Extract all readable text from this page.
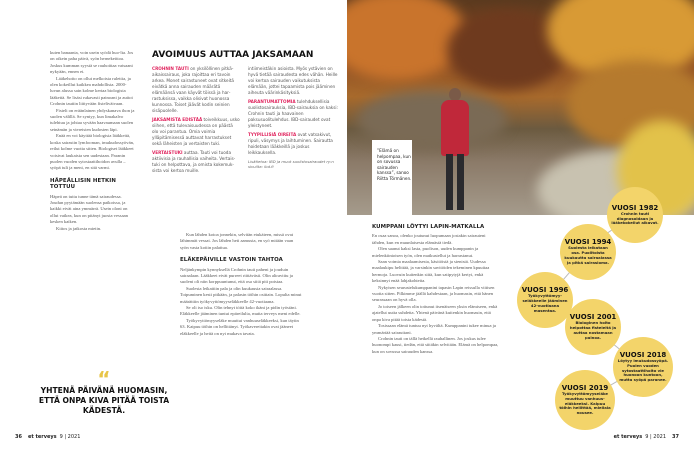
kuten banaania, voin usein syödä huo-lta. Jos on oikein paha päivä, syön hernekeittoa. Joskus kumman syystä se rauhoittaa vatsaani nykyään, ennen ei.

Lääkehoito on ollut melkoista rulettia, ja olen kokeillut kaikkea mahdollista. 2000-luvun alussa sain kolme kertaa biologista lääkettä. Se lisäsi rukavasti painoani ja auttoi Crohnin tautiin liittyvään fisteliväivaan.

Fisteli on eräänlainen yhdyskanava ihon ja suolen välillä. Se syntyy, kun limakalvo tulehtuu ja johtaa syvään haavaumaan suolen seinämän ja viereisten kudosten läpi.

Enää en voi käyttää biologisia lääkkeitä, koska sairastin lymfooman, imukudossyövän, reilut kolme vuotta sitten. Biologiset lääkkeet voisivat laukaista sen uudestaan. Paranin puolen vuoden sytostaattihoidon avulla – syöpä tuli ja meni, en sitä varmi.

HÄPEÄLLISIN HETKIN TOTTUU

Häpeä on tuttu tunne tämä sairaudessa. Joudun pyytämään suolensa paikoissa, ja kaikki eivät aina ymmärrä. Usein oloni on ollut vaikea, kun on pitänyt juosta vessaan kesken kaiken.

Kiitos ja jatkosta mietin.

AVOIMUUS AUTTAA JAKSAMAAN

CROHNIN TAUTI on yksilöllinen pitkäaikaissairaus, joka rajoittaa eri tavoin arkea. Monet sairastuneet ovat sitkeitä eivätkä anna sairauden määrätä elämäänsä vaan käyvät töissä ja harrastuksissa, vaikka olisivat huonossa kunnossa. Toiset jäävät kodin seinien sisäpuolelle.

JAKSAMISTA EDISTÄÄ toiveikkuus, usko siihen, että tulevaisuudessa on päästä olo voi parantua. Omia voimia ylläpitämisessä auttavat harrastukset sekä läheisten ja vertaisten tuki.

VERTAISTUKI auttaa. Tauti voi tuoda aktiivisia ja rauhallisia vaiheita. Vertaistuki on helpottava, ja omista kokemuksista voi kertoa muille.

intiimeistäkin asioista. Myös ystävien on hyvä tietää sairaudesta edes vähän. Heille voi kertoa sairauden vaikutuksista elämään, jottei tapaamista pois jääminen aiheuta väärinkäsityksiä.

PARANTUMATTOMIA tulehduksellisia suolistosairauksia, IBD-sairauksia on kaksi: Crohnin tauti ja haavainen paksusuolitulehdus. IBD-sairaudet ovat yleistyneet.

TYYPILLISIÄ OIREITA ovat vatsakivut, ripuli, väsymys ja laihtuminen. Sairautta hoidetaan lääkkeillä ja joskus leikkauksella.

Lisätietoa: IBD ja muut suolistosairaudet ry:n sivuilta: ibd.fi

Kun lähden kotoa jonnekin, selvitän etukäteen, missä ovat lähimmät vessat. Jos lähden heti aamusta, en syö mitään vaan syön vasta kotiin palattua.

ELÄKEPÄIVILLE VASTOIN TAHTOA

Neljänkympin kynnyksellä Crohnin tauti paheni ja jouduin sairaalaan. Lääkkeet eivät purreet riittävästi. Olin aliravittu ja suoleni oli niin korppuuntunut, että osa siitä piti poistaa.

Suolesta leikattiin pala ja olin kuukausia sairaalassa. Toipuminen kesti pitkään, ja palasin töihin osittain. Lopulta minut määrättiin työkyvyttömyyseläkkeelle 42-vuotiaana.

Se oli iso isku. Olin tehnyt töitä koko ikäni ja pidin työstäni. Eläkkeelle jääminen tuntui epäreilulta, mutta terveys meni edelle.

Työkyvyttömyyseläke muuttui vanhuuseläkkeeksi, kun täytin 63. Kaipuu töihin on hellittänyt. Työkavereitakin ovat jääneet eläkkeelle ja heitä on nyt mukava tavata.

“
YHTENÄ PÄIVÄNÄ HUOMASIN, ETTÄ ONPA KIVA PITÄÄ TOISTA KÄDESTÄ.
36 et terveys 9 | 2021

”Elämä on helpompaa, kun on sovussa sairauden kanssa”, sanoo Riitta Törmänen.

KUMPPANI LÖYTYI LAPIN-MATKALLA

En osaa sanoa, olenko joutunut luopumaan jostakin sairauteni tähden, kun en muunlaisesta elämästä tiedä.

Olen saanut kaksi lasta, puolison, uuden kumppanin ja mielenkiintoisen työn, olen matkustellut ja harrastanut.

Saan voimia maalaamisesta, käsitöistä ja sienistä. Uudessa maalaukipu helittää, ja varsinkin savitöiden tekeminen kpuuttaa hermoja. Luovuin kuitenkin siitä, kun satipytyjä kertyi, enkä keksinnyt enää lahjakohteita.

Nykyisen seurustelukumppanini tapasin Lapin reissulla viitisen vuotta sitten. Pilkimme jäällä kahdestaan, ja huomasin, että hänen seurassaan on hyvä olla.

Jo toiseen jälkeen olin tottunut itsenäiseen yksin elämiseen, enkä ajatellut uutta suhdetta. Yhtenä päivänä kuitenkin huomasin, että onpa kiva pitää toista kädestä.

Tosissaan elämä tuntuu nyt hyvältä. Kumppanini tukee minua ja ymmärtää sairauttani.

Crohnin tauti on tällä hetkellä rauhallinen. Jos joskus tulee huonompi kausi, tiedän, että siitäkin selvitään. Elämä on helpompaa, kun on sovussa sairauden kanssa.

VUOSI 1982
Crohnin tauti diagnosoidaan ja lääkekokeilut alkavat.
VUOSI 1994
Suolesta leikataan osa. Puolitoista kuukautta sairaalassa ja pitkä sairasloma.
VUOSI 1996
Työkyvyttömyyseläkkeelle jääminen 42-vuotiaana masentaa.
VUOSI 2001
Biologinen hoito helpottaa fisteleitä ja auttaa nostamaan painoa.
VUOSI 2018
Löytyy imukudossyöpä. Puolen vuoden sytostaattihoito vie huonoon kuntoon, mutta syöpä paranee.
VUOSI 2019
Työkyvyttömyyseläke muuttuu vanhuuseläkkeeksi. Kaipuu töihin hellittää, mieliala nousee.
et terveys 9 | 2021 37
